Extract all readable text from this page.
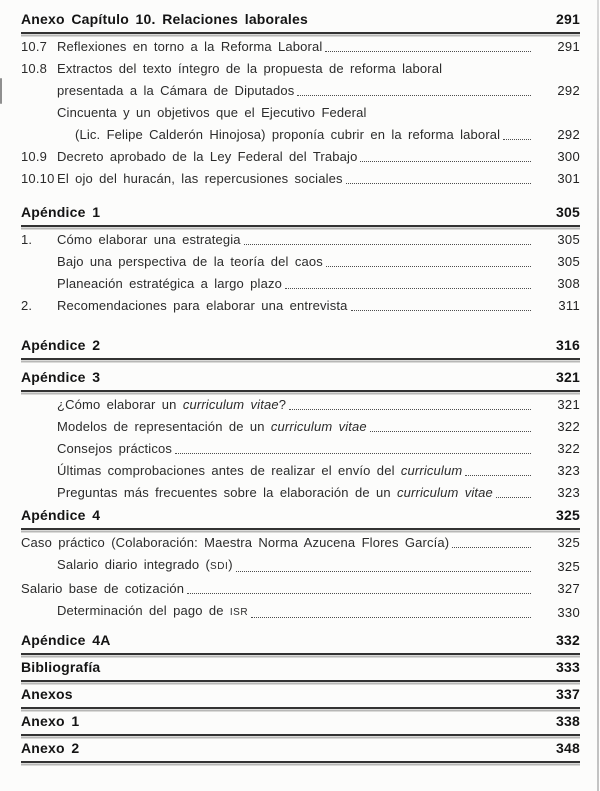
Anexo Capítulo 10. Relaciones laborales	291
10.7 Reflexiones en torno a la Reforma Laboral	291
10.8 Extractos del texto íntegro de la propuesta de reforma laboral
presentada a la Cámara de Diputados	292
Cincuenta y un objetivos que el Ejecutivo Federal
(Lic. Felipe Calderón Hinojosa) proponía cubrir en la reforma laboral	292
10.9 Decreto aprobado de la Ley Federal del Trabajo	300
10.10 El ojo del huracán, las repercusiones sociales	301
Apéndice 1	305
1.	Cómo elaborar una estrategia	305
Bajo una perspectiva de la teoría del caos	305
Planeación estratégica a largo plazo	308
2.	Recomendaciones para elaborar una entrevista	311
Apéndice 2	316
Apéndice 3	321
¿Cómo elaborar un curriculum vitae?	321
Modelos de representación de un curriculum vitae	322
Consejos prácticos	322
Últimas comprobaciones antes de realizar el envío del curriculum	323
Preguntas más frecuentes sobre la elaboración de un curriculum vitae	323
Apéndice 4	325
Caso práctico (Colaboración: Maestra Norma Azucena Flores García)	325
Salario diario integrado (SDI)	325
Salario base de cotización	327
Determinación del pago de ISR	330
Apéndice 4A	332
Bibliografía	333
Anexos	337
Anexo 1	338
Anexo 2	348
